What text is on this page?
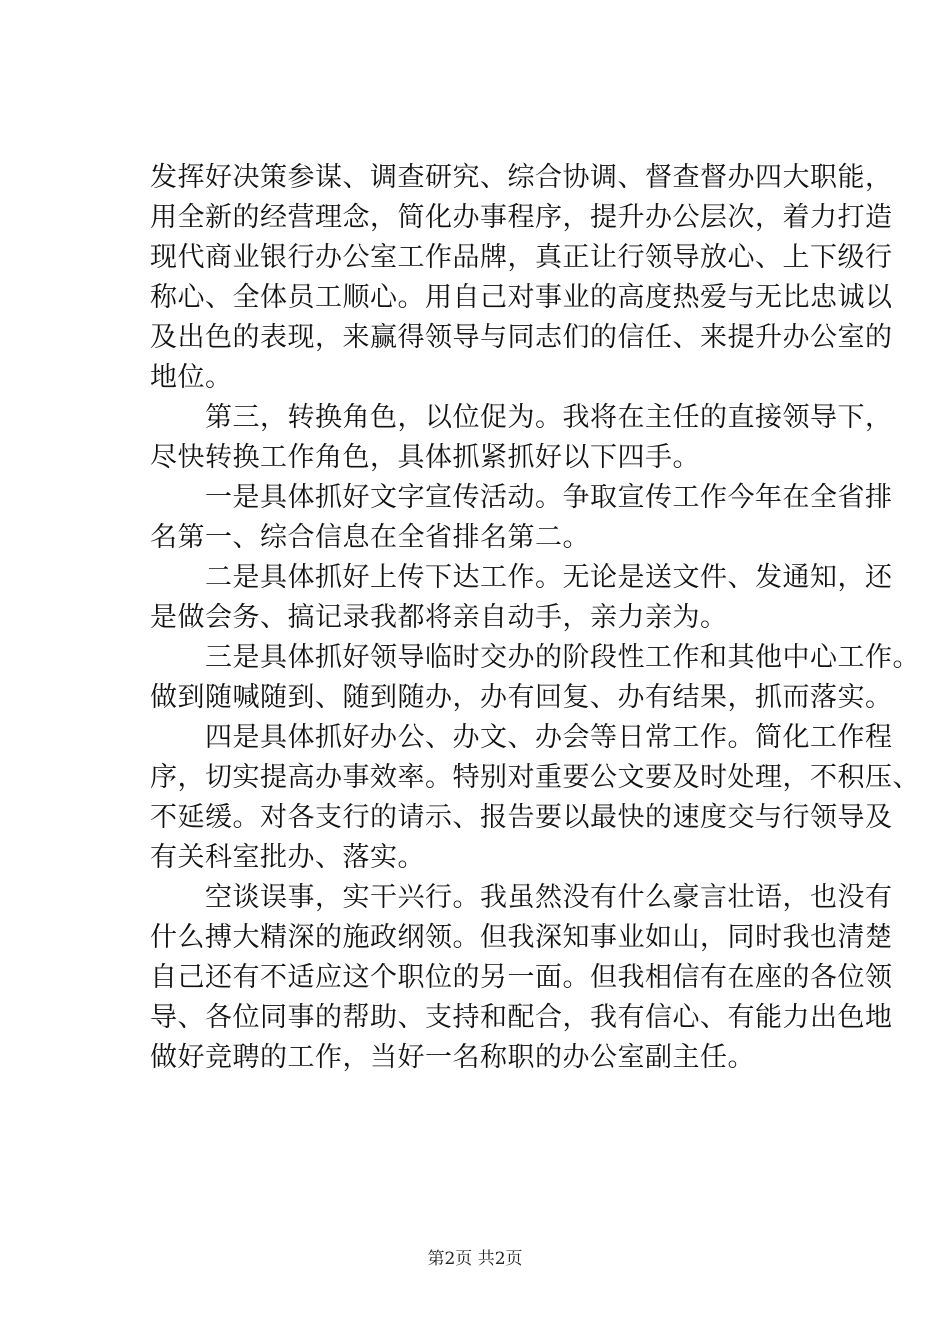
发挥好决策参谋、调查研究、综合协调、督查督办四大职能，
用全新的经营理念，简化办事程序，提升办公层次，着力打造
现代商业银行办公室工作品牌，真正让行领导放心、上下级行
称心、全体员工顺心。用自己对事业的高度热爱与无比忠诚以
及出色的表现，来赢得领导与同志们的信任、来提升办公室的
地位。
第三，转换角色，以位促为。我将在主任的直接领导下，
尽快转换工作角色，具体抓紧抓好以下四手。
一是具体抓好文字宣传活动。争取宣传工作今年在全省排
名第一、综合信息在全省排名第二。
二是具体抓好上传下达工作。无论是送文件、发通知，还
是做会务、搞记录我都将亲自动手，亲力亲为。
三是具体抓好领导临时交办的阶段性工作和其他中心工作。
做到随喊随到、随到随办，办有回复、办有结果，抓而落实。
四是具体抓好办公、办文、办会等日常工作。简化工作程
序，切实提高办事效率。特别对重要公文要及时处理，不积压、
不延缓。对各支行的请示、报告要以最快的速度交与行领导及
有关科室批办、落实。
空谈误事，实干兴行。我虽然没有什么豪言壮语，也没有
什么搏大精深的施政纲领。但我深知事业如山，同时我也清楚
自己还有不适应这个职位的另一面。但我相信有在座的各位领
导、各位同事的帮助、支持和配合，我有信心、有能力出色地
做好竞聘的工作，当好一名称职的办公室副主任。
第2页 共2页
